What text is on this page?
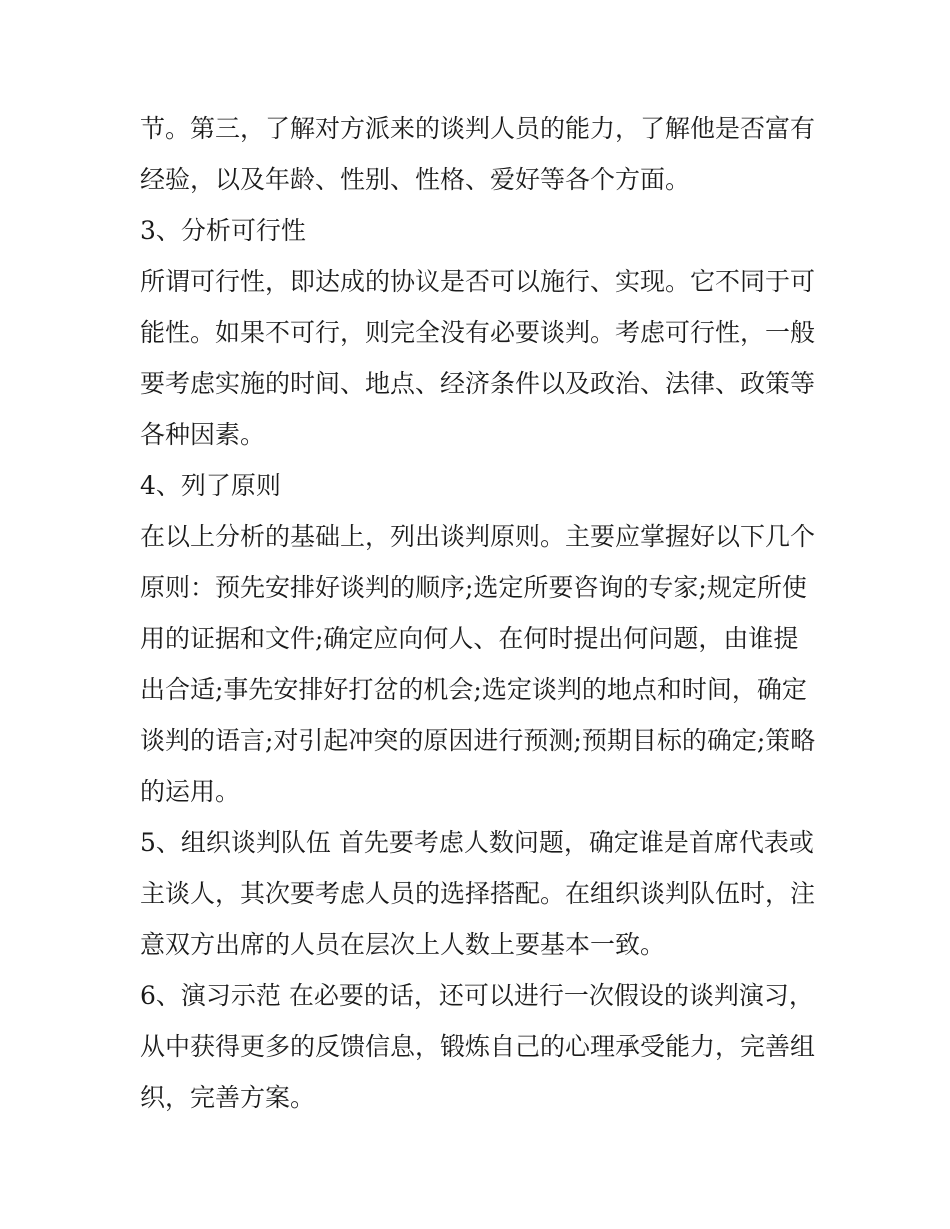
节。第三，了解对方派来的谈判人员的能力，了解他是否富有
经验，以及年龄、性别、性格、爱好等各个方面。
3、分析可行性
所谓可行性，即达成的协议是否可以施行、实现。它不同于可
能性。如果不可行，则完全没有必要谈判。考虑可行性，一般
要考虑实施的时间、地点、经济条件以及政治、法律、政策等
各种因素。
4、列了原则
在以上分析的基础上，列出谈判原则。主要应掌握好以下几个
原则：预先安排好谈判的顺序;选定所要咨询的专家;规定所使
用的证据和文件;确定应向何人、在何时提出何问题，由谁提
出合适;事先安排好打岔的机会;选定谈判的地点和时间，确定
谈判的语言;对引起冲突的原因进行预测;预期目标的确定;策略
的运用。
5、组织谈判队伍 首先要考虑人数问题，确定谁是首席代表或
主谈人，其次要考虑人员的选择搭配。在组织谈判队伍时，注
意双方出席的人员在层次上人数上要基本一致。
6、演习示范 在必要的话，还可以进行一次假设的谈判演习，
从中获得更多的反馈信息，锻炼自己的心理承受能力，完善组
织，完善方案。
